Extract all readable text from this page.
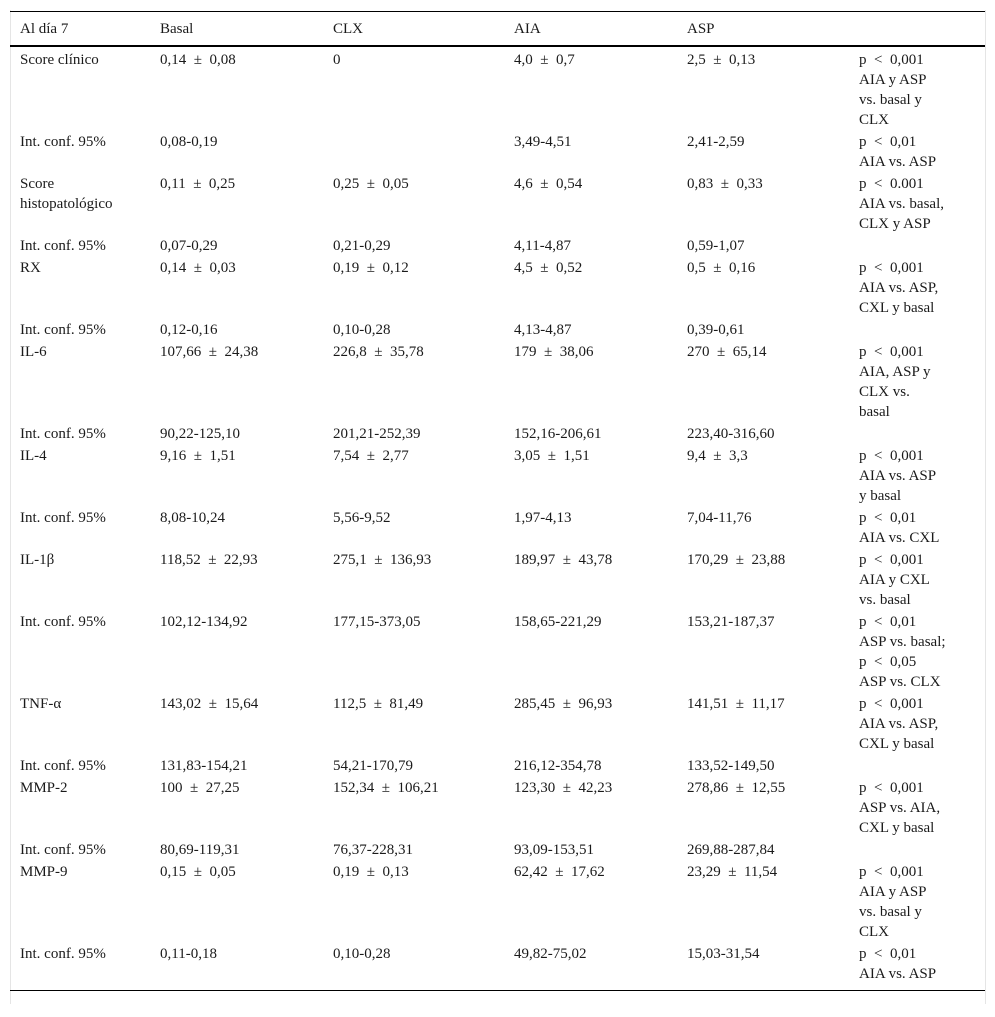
Al día 7	Basal	CLX	AIA	ASP	
Score clínico	0,14  ±  0,08	0	4,0  ±  0,7	2,5  ±  0,13	p  <  0,001
AIA y ASP
vs. basal y
CLX

Int. conf. 95%	0,08-0,19		3,49-4,51	2,41-2,59	p  <  0,01
AIA vs. ASP

Score histopatológico	0,11  ±  0,25	0,25  ±  0,05	4,6  ±  0,54	0,83  ±  0,33	p  <  0.001
AIA vs. basal,
CLX y ASP

Int. conf. 95%	0,07-0,29	0,21-0,29	4,11-4,87	0,59-1,07	
RX	0,14  ±  0,03	0,19  ±  0,12	4,5  ±  0,52	0,5  ±  0,16	p  <  0,001
AIA vs. ASP,
CXL y basal

Int. conf. 95%	0,12-0,16	0,10-0,28	4,13-4,87	0,39-0,61	
IL-6	107,66  ±  24,38	226,8  ±  35,78	179  ±  38,06	270  ±  65,14	p  <  0,001
AIA, ASP y
CLX vs.
basal

Int. conf. 95%	90,22-125,10	201,21-252,39	152,16-206,61	223,40-316,60	
IL-4	9,16  ±  1,51	7,54  ±  2,77	3,05  ±  1,51	9,4  ±  3,3	p  <  0,001
AIA vs. ASP
y basal

Int. conf. 95%	8,08-10,24	5,56-9,52	1,97-4,13	7,04-11,76	p  <  0,01
AIA vs. CXL

IL-1β	118,52  ±  22,93	275,1  ±  136,93	189,97  ±  43,78	170,29  ±  23,88	p  <  0,001
AIA y CXL
vs. basal

Int. conf. 95%	102,12-134,92	177,15-373,05	158,65-221,29	153,21-187,37	p  <  0,01
ASP vs. basal;
p  <  0,05
ASP vs. CLX

TNF-α	143,02  ±  15,64	112,5  ±  81,49	285,45  ±  96,93	141,51  ±  11,17	p  <  0,001
AIA vs. ASP,
CXL y basal

Int. conf. 95%	131,83-154,21	54,21-170,79	216,12-354,78	133,52-149,50	
MMP-2	100  ±  27,25	152,34  ±  106,21	123,30  ±  42,23	278,86  ±  12,55	p  <  0,001
ASP vs. AIA,
CXL y basal

Int. conf. 95%	80,69-119,31	76,37-228,31	93,09-153,51	269,88-287,84	
MMP-9	0,15  ±  0,05	0,19  ±  0,13	62,42  ±  17,62	23,29  ±  11,54	p  <  0,001
AIA y ASP
vs. basal y
CLX

Int. conf. 95%	0,11-0,18	0,10-0,28	49,82-75,02	15,03-31,54	p  <  0,01
AIA vs. ASP
